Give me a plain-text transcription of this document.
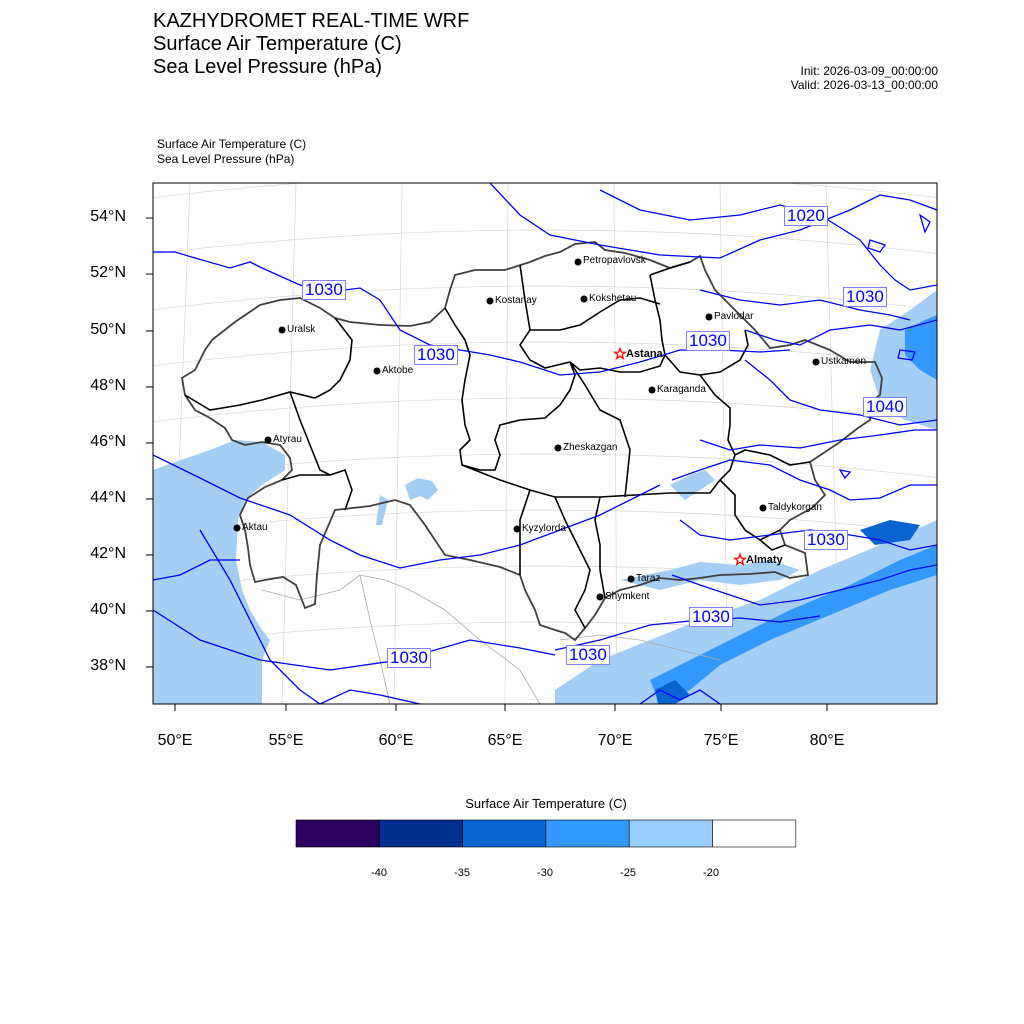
KAZHYDROMET REAL-TIME WRF
Surface Air Temperature (C)
Sea Level Pressure (hPa)	Init: 2026-03-09_00:00:00
Valid: 2026-03-13_00:00:00
Surface Air Temperature (C)
Sea Level Pressure (hPa)
54°N
52°N
50°N
48°N
46°N
44°N
42°N
40°N
38°N
50°E	55°E	60°E	65°E	70°E	75°E	80°E
1020
1030	1030
1030
1030
1040
1030
1030
1030	1030
Petropavlovsk
Kostanay	Kokshetau
Pavlodar
Uralsk
Astana
Ustkamen
Aktobe
Karaganda
Atyrau
Zheskazgan
Taldykorgan
Aktau	Kyzylorda
Almaty
Taraz
Shymkent
Surface Air Temperature (C)
-40	-35	-30	-25	-20
